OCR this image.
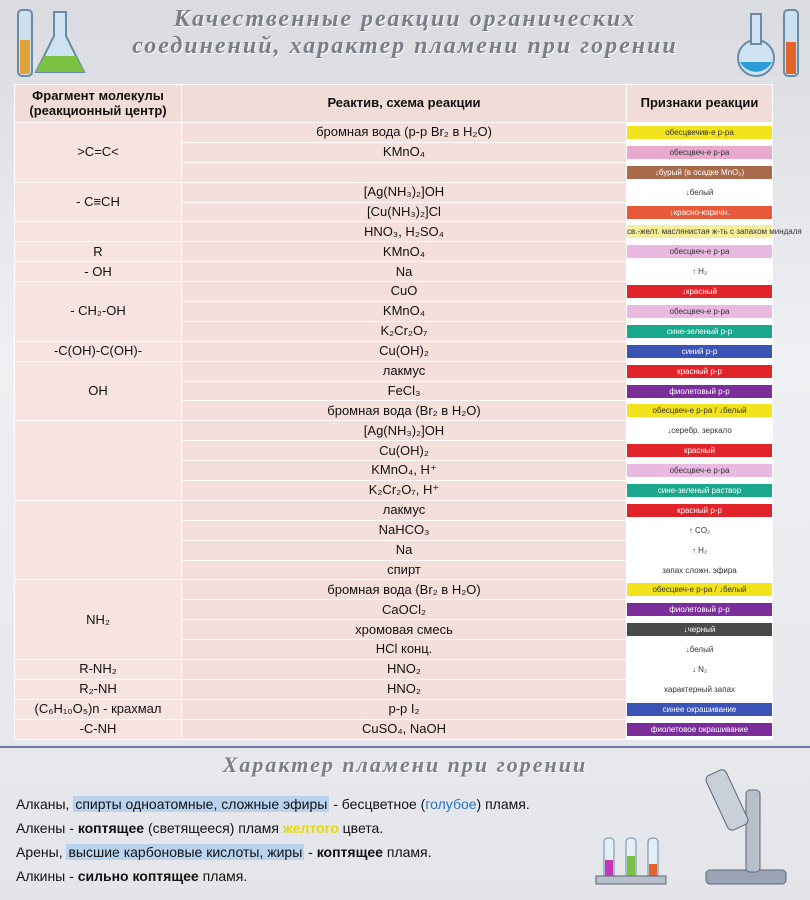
Качественные реакции органических
соединений, характер пламени при горении
Фрагмент молекулы
(реакционный центр)	Реактив, схема реакции	Признаки реакции
>C=C<	бромная вода (р-р Br₂ в H₂O)	обесцвечив-е р-ра

	KMnO₄	обесцвеч-е р-ра

		↓бурый (в осадке MnO₂)

- C≡CH	[Ag(NH₃)₂]OH	↓белый

	[Cu(NH₃)₂]Cl	↓красно-коричн.

	HNO₃, H₂SO₄	св.-желт. маслянистая ж-ть с запахом миндаля

R	KMnO₄	обесцвеч-е р-ра

- OH	Na	↑ H₂

- CH₂-OH	CuO	↓красный

	KMnO₄	обесцвеч-е р-ра

	K₂Cr₂O₇	сине-зеленый р-р

-C(OH)-C(OH)-	Cu(OH)₂	синий р-р

OH	лакмус	красный р-р

	FeCl₃	фиолетовый р-р

	бромная вода (Br₂ в H₂O)	обесцвеч-е р-ра / ↓белый

	[Ag(NH₃)₂]OH	↓серебр. зеркало

	Cu(OH)₂	красный

	KMnO₄, H⁺	обесцвеч-е р-ра

	K₂Cr₂O₇, H⁺	сине-зеленый раствор

	лакмус	красный р-р

	NaHCO₃	↑ CO₂

	Na	↑ H₂

	спирт	запах сложн. эфира

NH₂	бромная вода (Br₂ в H₂O)	обесцвеч-е р-ра / ↓белый

	CaOCl₂	фиолетовый р-р

	хромовая смесь	↓черный

	HCl конц.	↓белый

R-NH₂	HNO₂	↓ N₂

R₂-NH	HNO₂	характерный запах

(C₆H₁₀O₅)n - крахмал	р-р I₂	синее окрашивание

-C-NH	CuSO₄, NaOH	фиолетовое окрашивание
Характер пламени при горении
Алканы, спирты одноатомные, сложные эфиры - бесцветное (голубое) пламя.
Алкены - коптящее (светящееся) пламя желтого цвета.
Арены, высшие карбоновые кислоты, жиры - коптящее пламя.
Алкины - сильно коптящее пламя.
